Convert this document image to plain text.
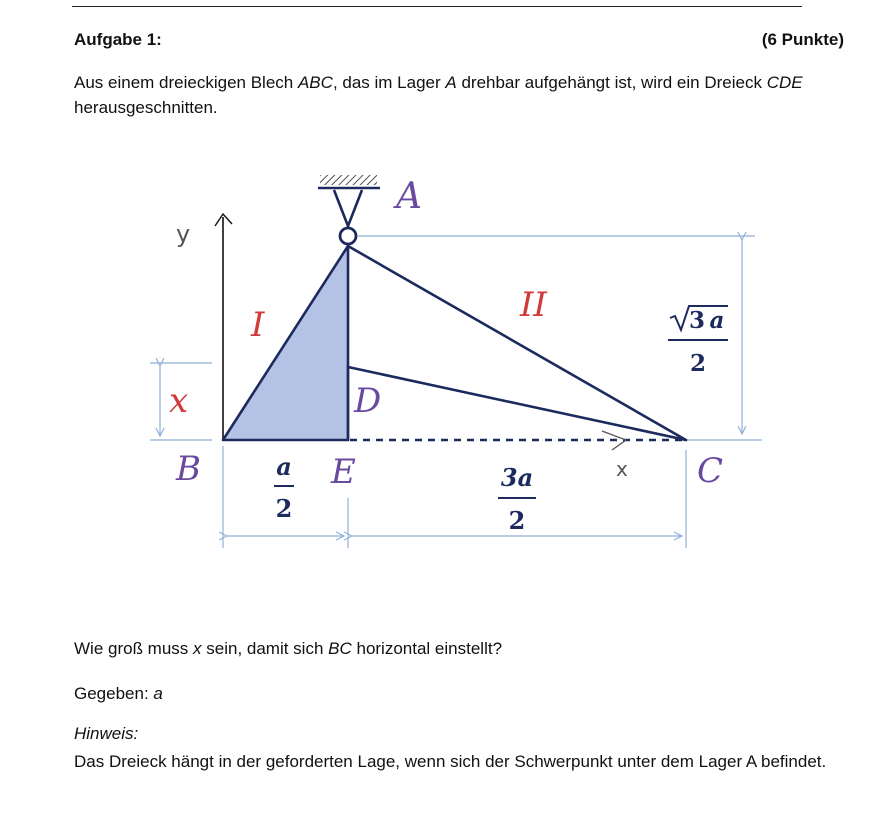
Aufgabe 1:	(6 Punkte)
Aus einem dreieckigen Blech ABC, das im Lager A drehbar aufgehängt ist, wird ein Dreieck CDE herausgeschnitten.
y
x
A
B	C
D
E
I	II
x
a
2
3a
2
3 a
2
Wie groß muss x sein, damit sich BC horizontal einstellt?
Gegeben: a
Hinweis:
Das Dreieck hängt in der geforderten Lage, wenn sich der Schwerpunkt unter dem Lager A befindet.
